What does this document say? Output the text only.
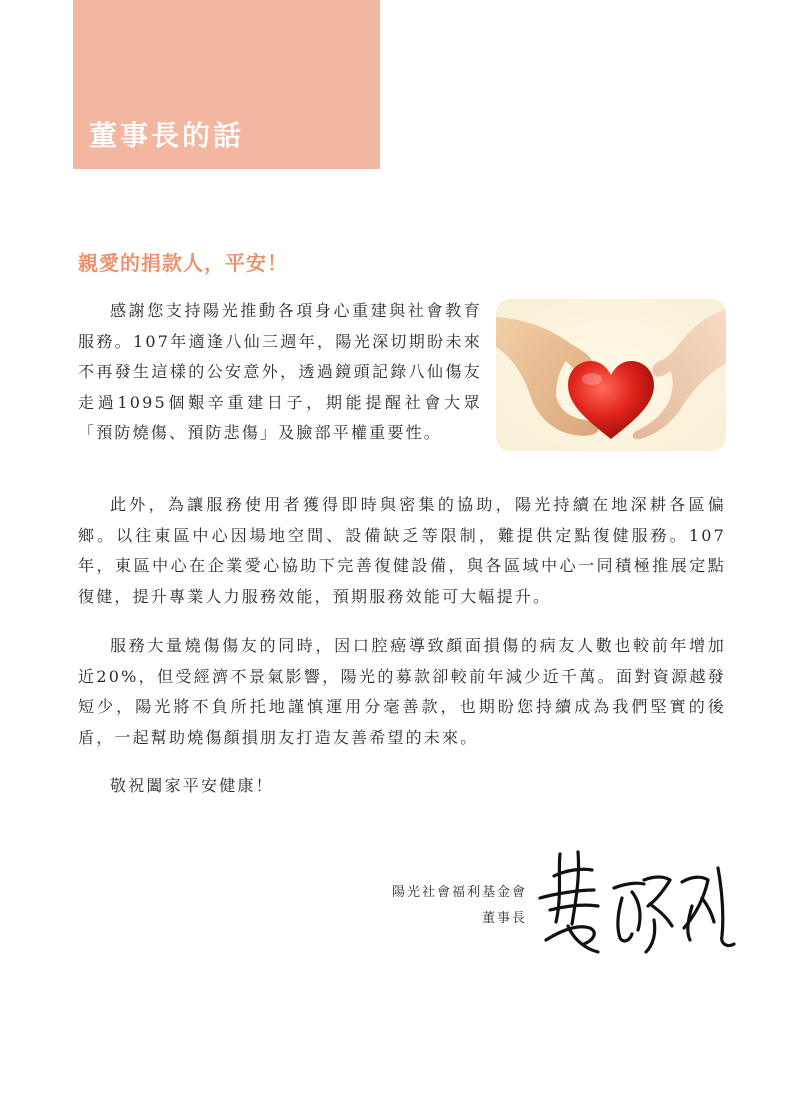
董事長的話
親愛的捐款人，平安！

感謝您支持陽光推動各項身心重建與社會教育服務。107年適逢八仙三週年，陽光深切期盼未來不再發生這樣的公安意外，透過鏡頭記錄八仙傷友走過1095個艱辛重建日子，期能提醒社會大眾「預防燒傷、預防悲傷」及臉部平權重要性。

此外，為讓服務使用者獲得即時與密集的協助，陽光持續在地深耕各區偏鄉。以往東區中心因場地空間、設備缺乏等限制，難提供定點復健服務。107年，東區中心在企業愛心協助下完善復健設備，與各區域中心一同積極推展定點復健，提升專業人力服務效能，預期服務效能可大幅提升。

服務大量燒傷傷友的同時，因口腔癌導致顏面損傷的病友人數也較前年增加近20%，但受經濟不景氣影響，陽光的募款卻較前年減少近千萬。面對資源越發短少，陽光將不負所托地謹慎運用分毫善款，也期盼您持續成為我們堅實的後盾，一起幫助燒傷顏損朋友打造友善希望的未來。

敬祝闔家平安健康！

陽光社會福利基金會
董事長
